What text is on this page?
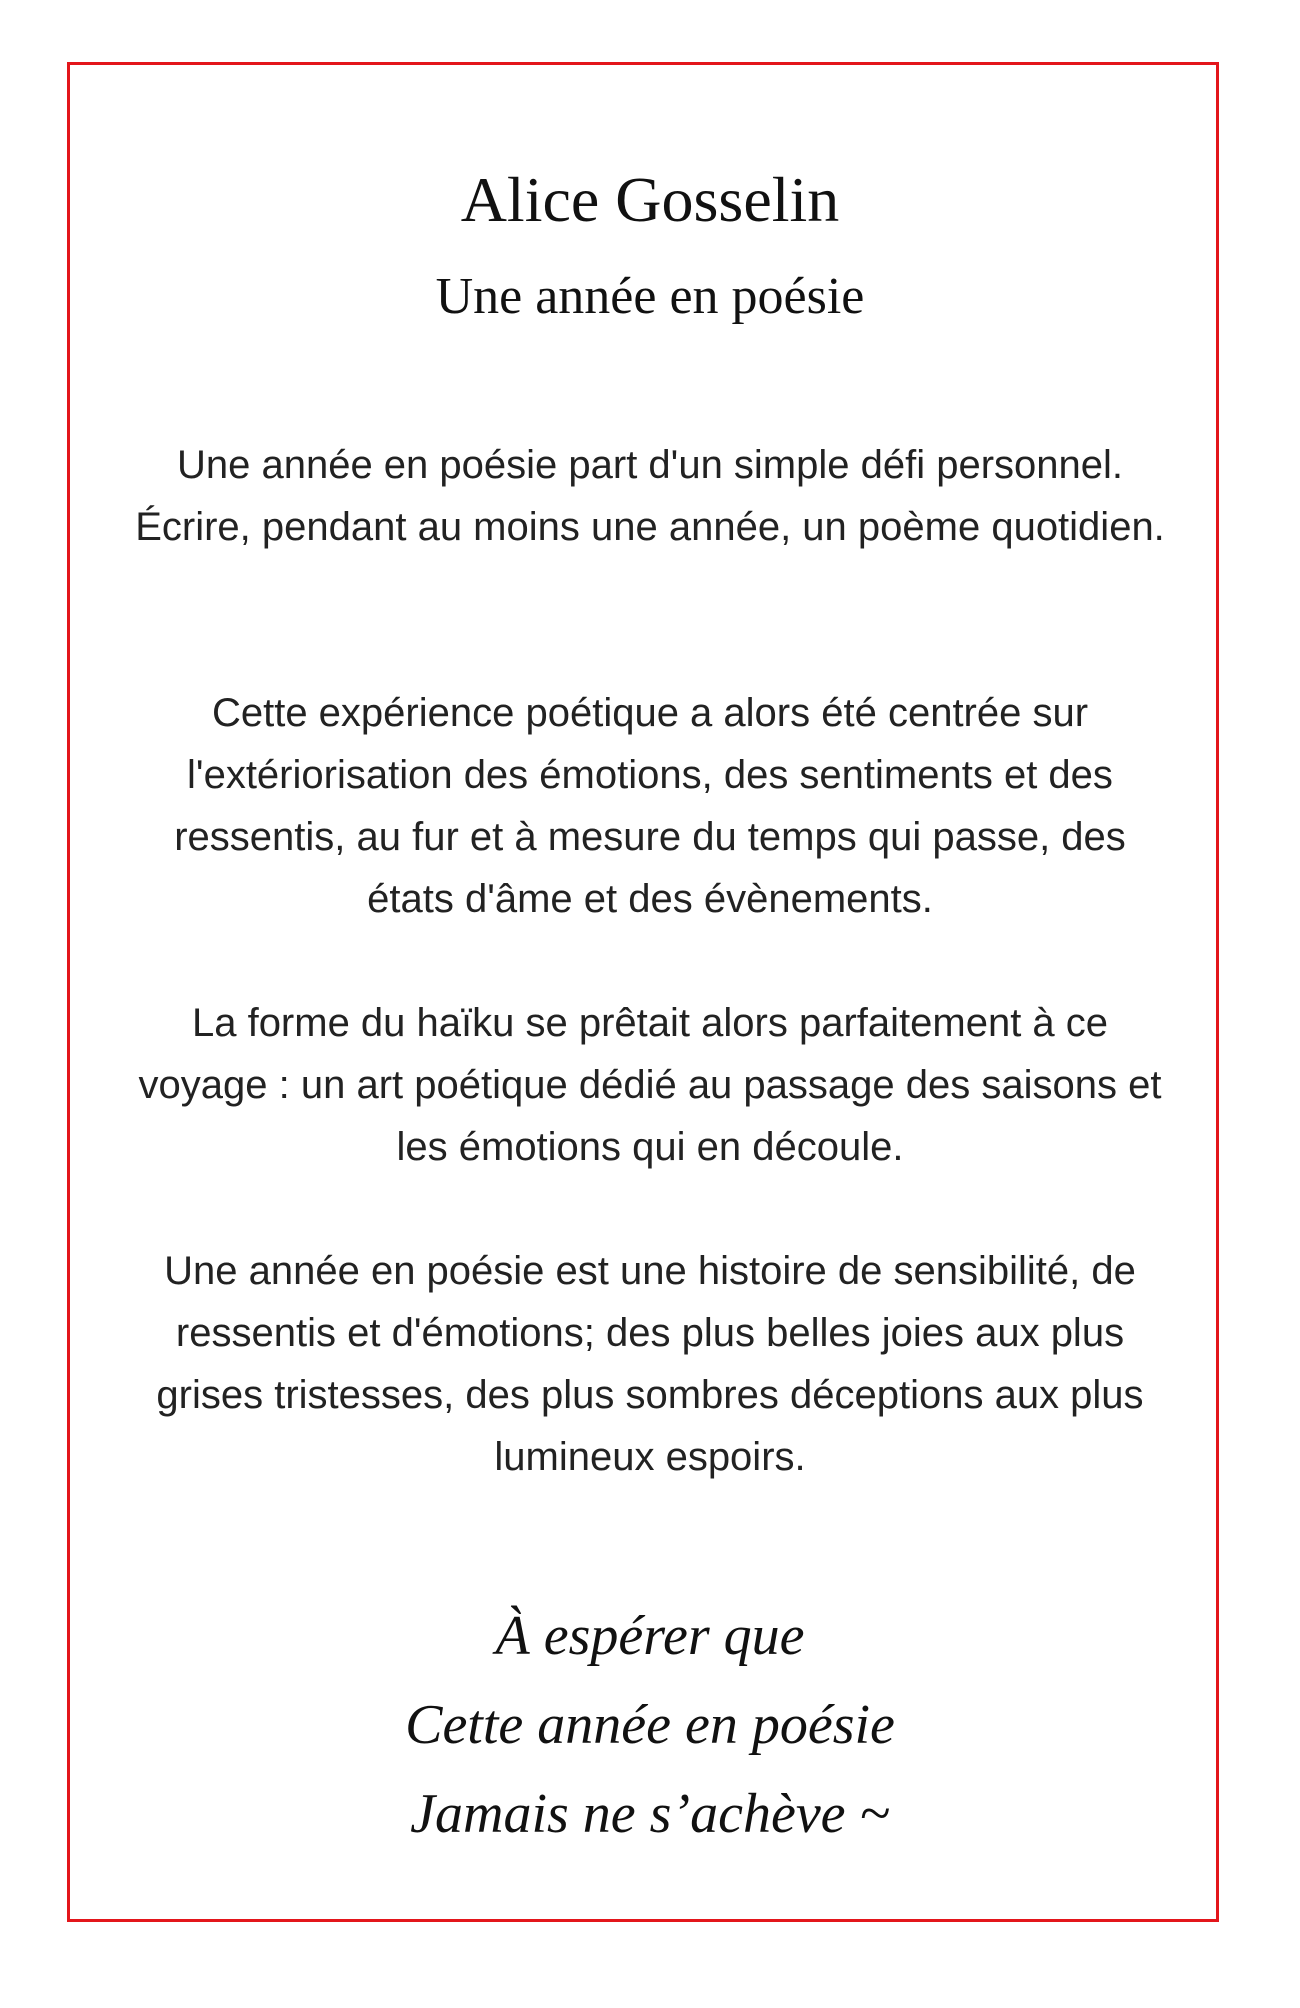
Alice Gosselin
Une année en poésie

Une année en poésie part d'un simple défi personnel. Écrire, pendant au moins une année, un poème quotidien.

Cette expérience poétique a alors été centrée sur l'extériorisation des émotions, des sentiments et des ressentis, au fur et à mesure du temps qui passe, des états d'âme et des évènements.

La forme du haïku se prêtait alors parfaitement à ce voyage : un art poétique dédié au passage des saisons et les émotions qui en découle.

Une année en poésie est une histoire de sensibilité, de ressentis et d'émotions; des plus belles joies aux plus grises tristesses, des plus sombres déceptions aux plus lumineux espoirs.

À espérer que
Cette année en poésie
Jamais ne s’achève ~
